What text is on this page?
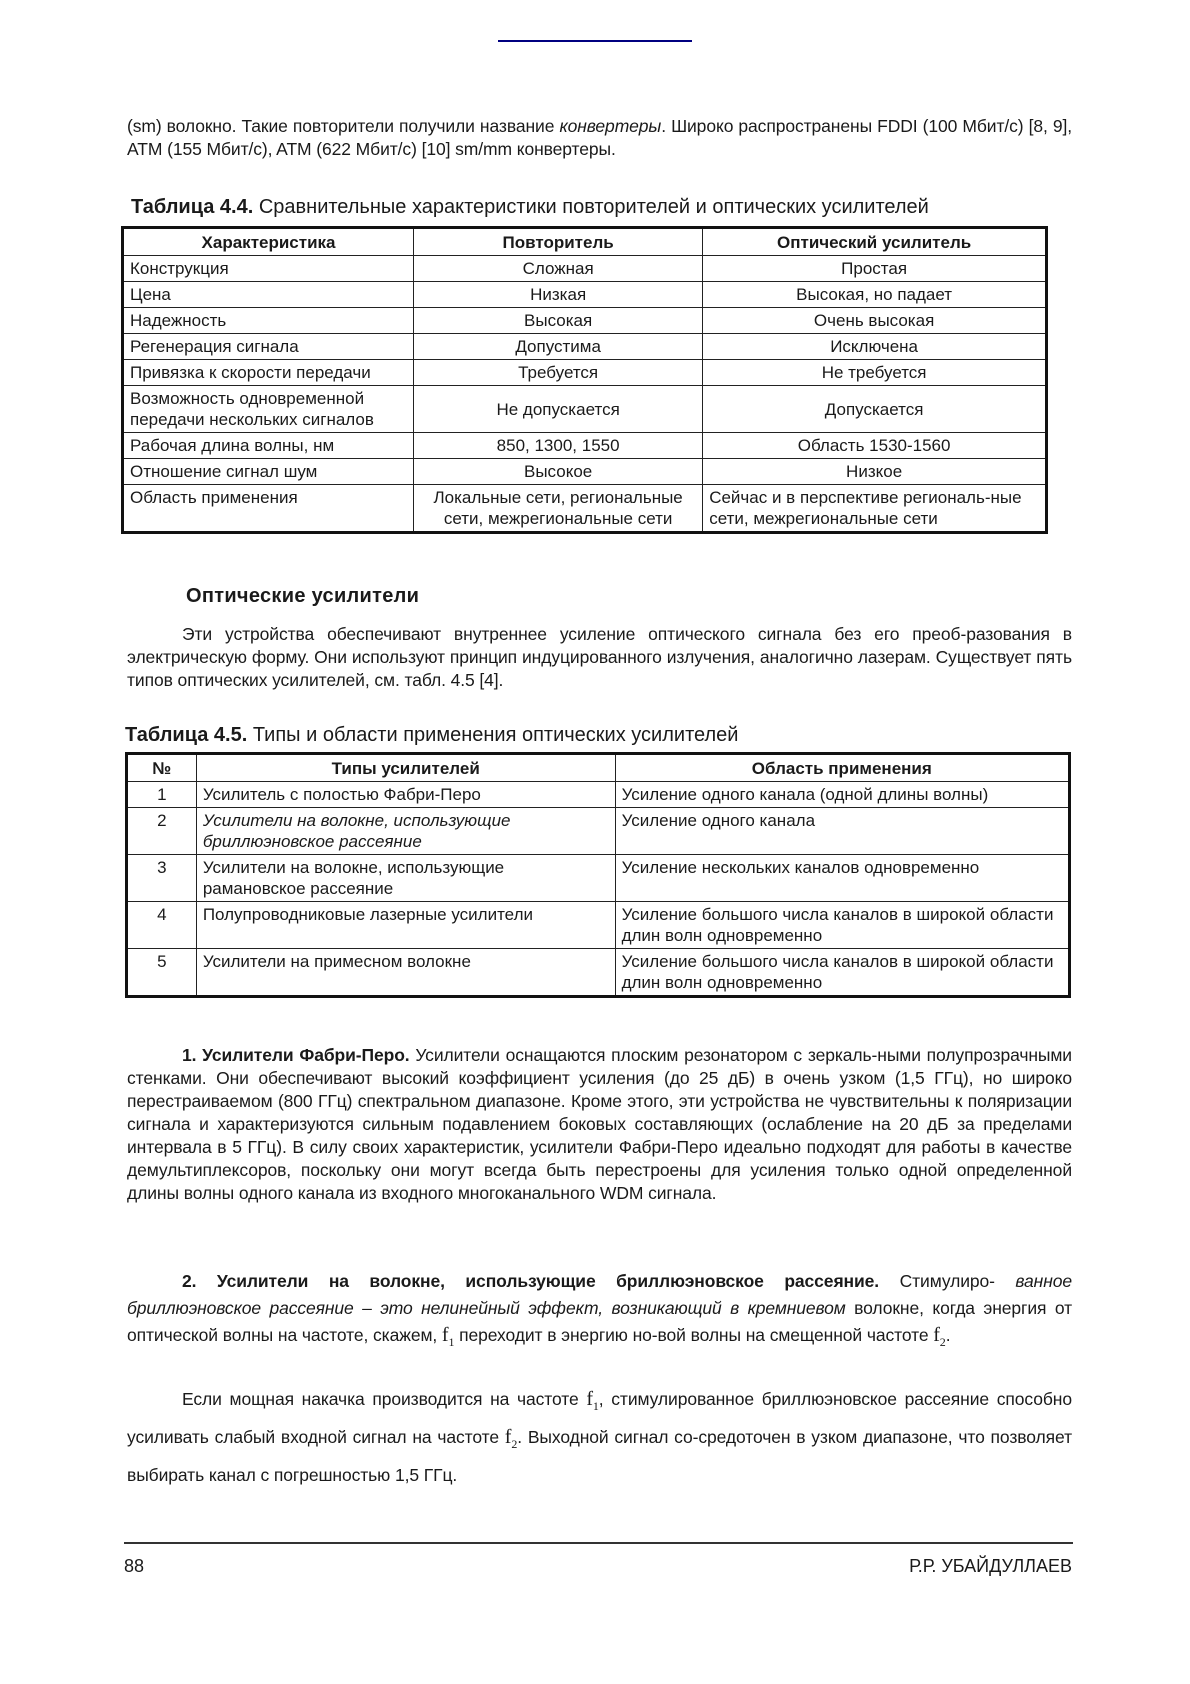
(sm) волокно. Такие повторители получили название конвертеры. Широко распространены FDDI (100 Мбит/с) [8, 9], ATM (155 Мбит/с), ATM (622 Мбит/с) [10] sm/mm конвертеры.
Таблица 4.4. Сравнительные характеристики повторителей и оптических усилителей
Характеристика	Повторитель	Оптический усилитель
Конструкция	Сложная	Простая
Цена	Низкая	Высокая, но падает
Надежность	Высокая	Очень высокая
Регенерация сигнала	Допустима	Исключена
Привязка к скорости передачи	Требуется	Не требуется
Возможность одновременной передачи нескольких сигналов	Не допускается	Допускается
Рабочая длина волны, нм	850, 1300, 1550	Область 1530-1560
Отношение сигнал шум	Высокое	Низкое
Область применения	Локальные сети, региональные сети, межрегиональные сети	Сейчас и в перспективе региональ-ные сети, межрегиональные сети
Оптические усилители
Эти устройства обеспечивают внутреннее усиление оптического сигнала без его преоб-разования в электрическую форму. Они используют принцип индуцированного излучения, аналогично лазерам. Существует пять типов оптических усилителей, см. табл. 4.5 [4].
Таблица 4.5. Типы и области применения оптических усилителей
№	Типы усилителей	Область применения
1	Усилитель с полостью Фабри-Перо	Усиление одного канала (одной длины волны)
2	Усилители на волокне, использующие бриллюэновское рассеяние	Усиление одного канала
3	Усилители на волокне, использующие рамановское рассеяние	Усиление нескольких каналов одновременно
4	Полупроводниковые лазерные усилители	Усиление большого числа каналов в широкой области длин волн одновременно
5	Усилители на примесном волокне	Усиление большого числа каналов в широкой области длин волн одновременно
1. Усилители Фабри-Перо. Усилители оснащаются плоским резонатором с зеркаль-ными полупрозрачными стенками. Они обеспечивают высокий коэффициент усиления (до 25 дБ) в очень узком (1,5 ГГц), но широко перестраиваемом (800 ГГц) спектральном диапазоне. Кроме этого, эти устройства не чувствительны к поляризации сигнала и характеризуются сильным подавлением боковых составляющих (ослабление на 20 дБ за пределами интервала в 5 ГГц). В силу своих характеристик, усилители Фабри-Перо идеально подходят для работы в качестве демультиплексоров, поскольку они могут всегда быть перестроены для усиления только одной определенной длины волны одного канала из входного многоканального WDM сигнала.
2. Усилители на волокне, использующие бриллюэновское рассеяние. Стимулиро- ванное бриллюэновское рассеяние – это нелинейный эффект, возникающий в кремниевом волокне, когда энергия от оптической волны на частоте, скажем, $f_1$ переходит в энергию но-вой волны на смещенной частоте $f_2$.
Если мощная накачка производится на частоте $f_1$, стимулированное бриллюэновское рассеяние способно усиливать слабый входной сигнал на частоте $f_2$. Выходной сигнал со-средоточен в узком диапазоне, что позволяет выбирать канал с погрешностью 1,5 ГГц.
88	Р.Р. УБАЙДУЛЛАЕВ
